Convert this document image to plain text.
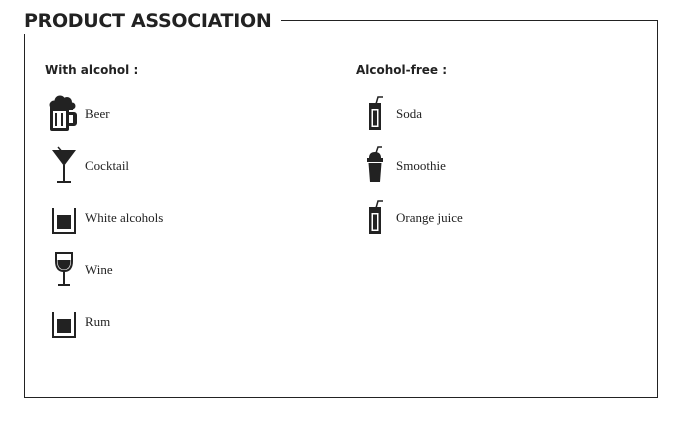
PRODUCT ASSOCIATION
With alcohol :
Beer
Cocktail
White alcohols
Wine
Rum
Alcohol-free :
Soda
Smoothie
Orange juice
